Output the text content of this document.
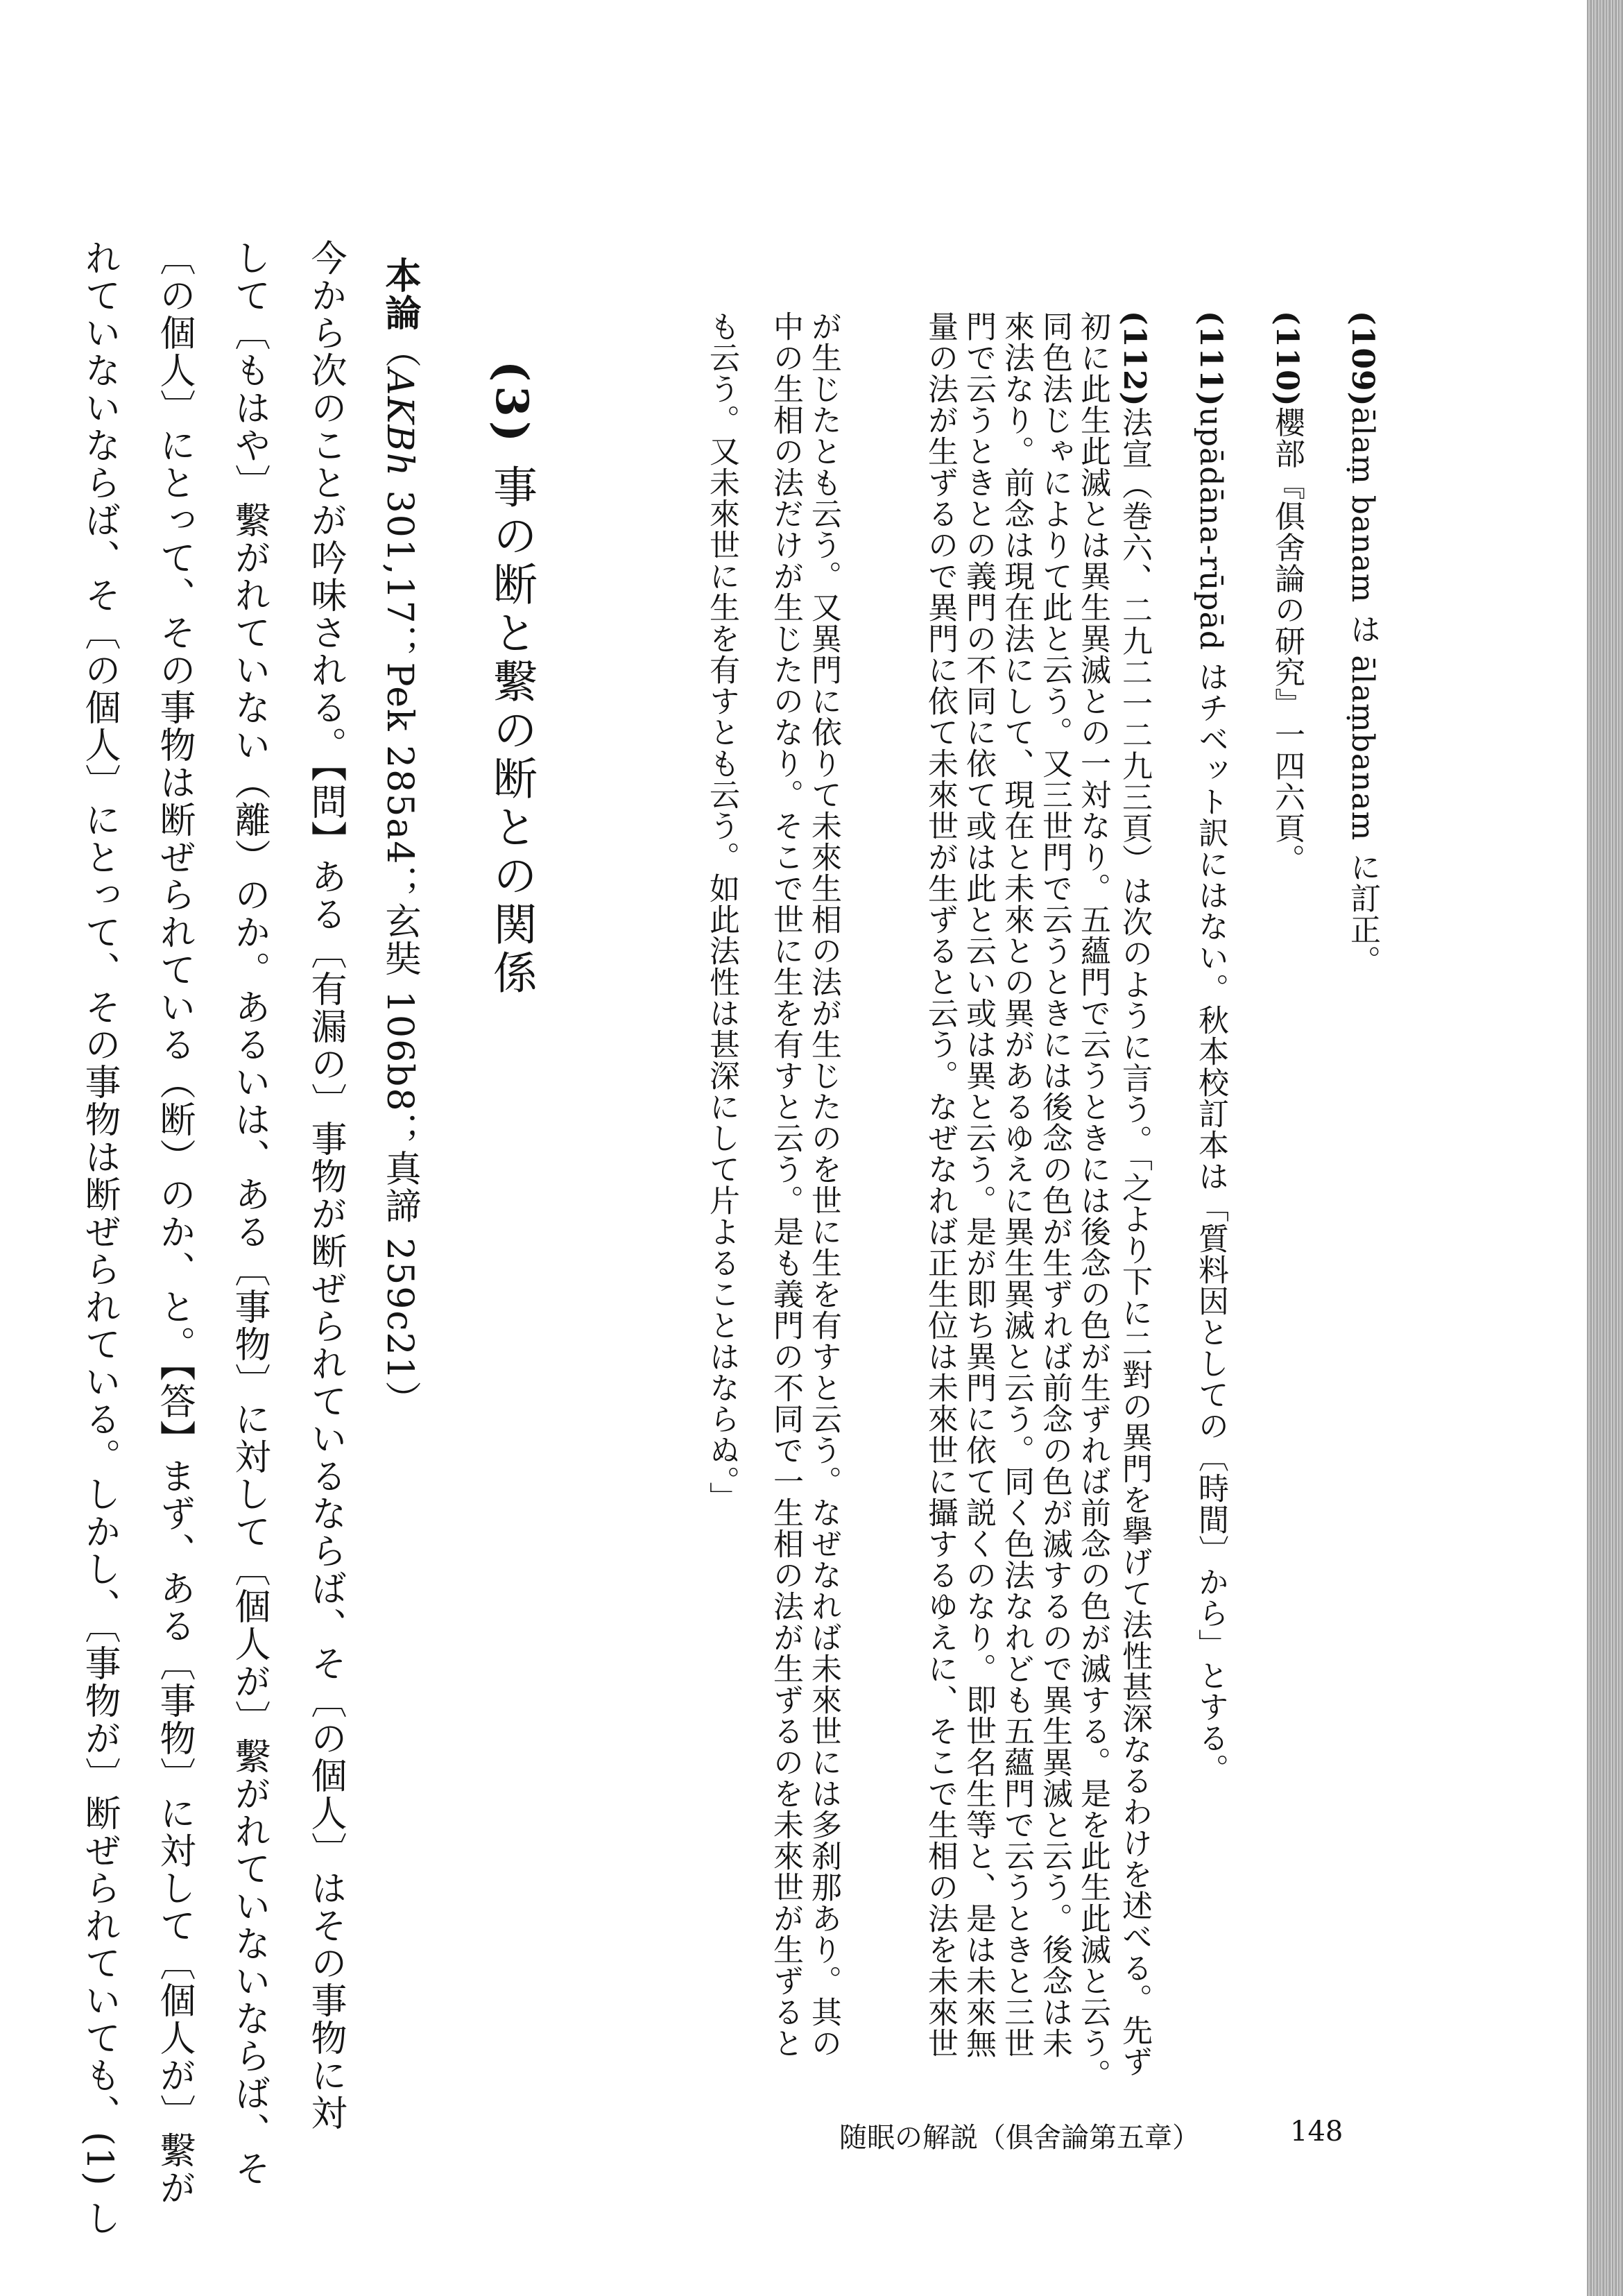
(109)ālaṃ banam は ālaṃbanam に訂正。
(110)櫻部『俱舍論の研究』一四六頁。
(111)upādāna-rūpād はチベット訳にはない。秋本校訂本は「質料因としての〔時間〕から」とする。
(112)法宣（巻六、二九二一二九三頁）は次のように言う。「之より下に二對の異門を擧げて法性甚深なるわけを述べる。先ず
初に此生此滅とは異生異滅との一対なり。五蘊門で云うときには後念の色が生ずれば前念の色が滅する。是を此生此滅と云う。
同色法じゃによりて此と云う。又三世門で云うときには後念の色が生ずれば前念の色が滅するので異生異滅と云う。後念は未
來法なり。前念は現在法にして、現在と未來との異があるゆえに異生異滅と云う。同く色法なれども五蘊門で云うときと三世
門で云うときとの義門の不同に依て或は此と云い或は異と云う。是が即ち異門に依て説くのなり。即世名生等と、是は未來無
量の法が生ずるので異門に依て未來世が生ずると云う。なぜなれば正生位は未來世に攝するゆえに、そこで生相の法を未來世
が生じたとも云う。又異門に依りて未來生相の法が生じたのを世に生を有すと云う。なぜなれば未來世には多刹那あり。其の
中の生相の法だけが生じたのなり。そこで世に生を有すと云う。是も義門の不同で一生相の法が生ずるのを未來世が生ずると
も云う。又未來世に生を有すとも云う。如此法性は甚深にして片よることはならぬ。」
(3)事の断と繫の断との関係
本論（AKBh 301,17；Pek 285a4；玄奘 106b8；真諦 259c21）
今から次のことが吟味される。【問】ある〔有漏の〕事物が断ぜられているならば、そ〔の個人〕はその事物に対
して〔もはや〕繫がれていない（離）のか。あるいは、ある〔事物〕に対して〔個人が〕繫がれていないならば、そ
〔の個人〕にとって、その事物は断ぜられている（断）のか、と。【答】まず、ある〔事物〕に対して〔個人が〕繫が
れていないならば、そ〔の個人〕にとって、その事物は断ぜられている。しかし、〔事物が〕断ぜられていても、(1) し	随眠の解説（俱舍論第五章）	148
